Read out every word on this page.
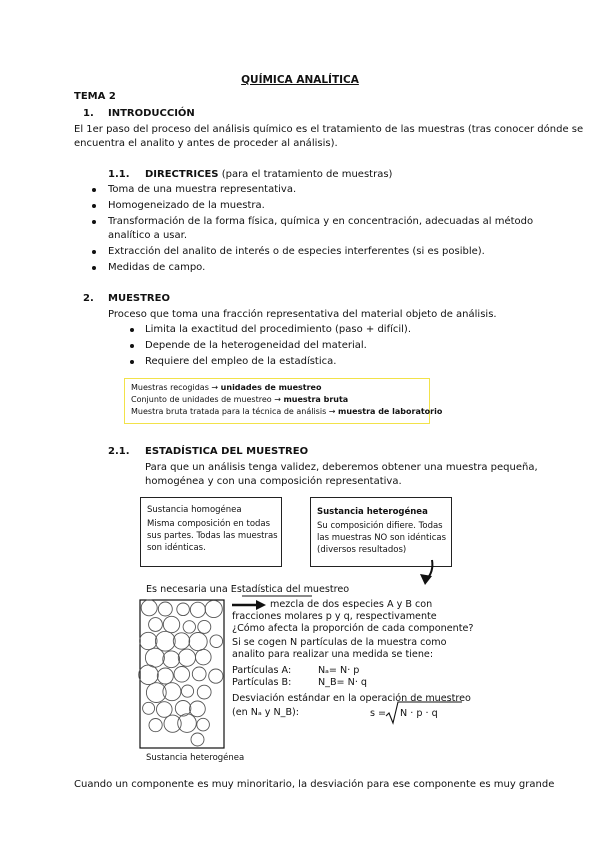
QUÍMICA ANALÍTICA
TEMA 2
1. INTRODUCCIÓN
El 1er paso del proceso del análisis químico es el tratamiento de las muestras (tras conocer dónde se
encuentra el analito y antes de proceder al análisis).
1.1. DIRECTRICES (para el tratamiento de muestras)
Toma de una muestra representativa.
Homogeneizado de la muestra.
Transformación de la forma física, química y en concentración, adecuadas al método
analítico a usar.
Extracción del analito de interés o de especies interferentes (si es posible).
Medidas de campo.
2. MUESTREO
Proceso que toma una fracción representativa del material objeto de análisis.
Limita la exactitud del procedimiento (paso + difícil).
Depende de la heterogeneidad del material.
Requiere del empleo de la estadística.
Muestras recogidas → unidades de muestreo
Conjunto de unidades de muestreo → muestra bruta
Muestra bruta tratada para la técnica de análisis → muestra de laboratorio
2.1. ESTADÍSTICA DEL MUESTREO
Para que un análisis tenga validez, deberemos obtener una muestra pequeña,
homogénea y con una composición representativa.
Sustancia homogénea
Misma composición en todas
sus partes. Todas las muestras
son idénticas.
Sustancia heterogénea
Su composición difiere. Todas
las muestras NO son idénticas
(diversos resultados)
Es necesaria una Estadística del muestreo
mezcla de dos especies A y B con
fracciones molares p y q, respectivamente
¿Cómo afecta la proporción de cada componente?
Si se cogen N partículas de la muestra como
analito para realizar una medida se tiene:
Partículas A:	Nₐ= N· p
Partículas B:	N_B= N· q
Desviación estándar en la operación de muestreo
(en Nₐ y N_B):	s = N · p · q
Sustancia heterogénea
Cuando un componente es muy minoritario, la desviación para ese componente es muy grande
